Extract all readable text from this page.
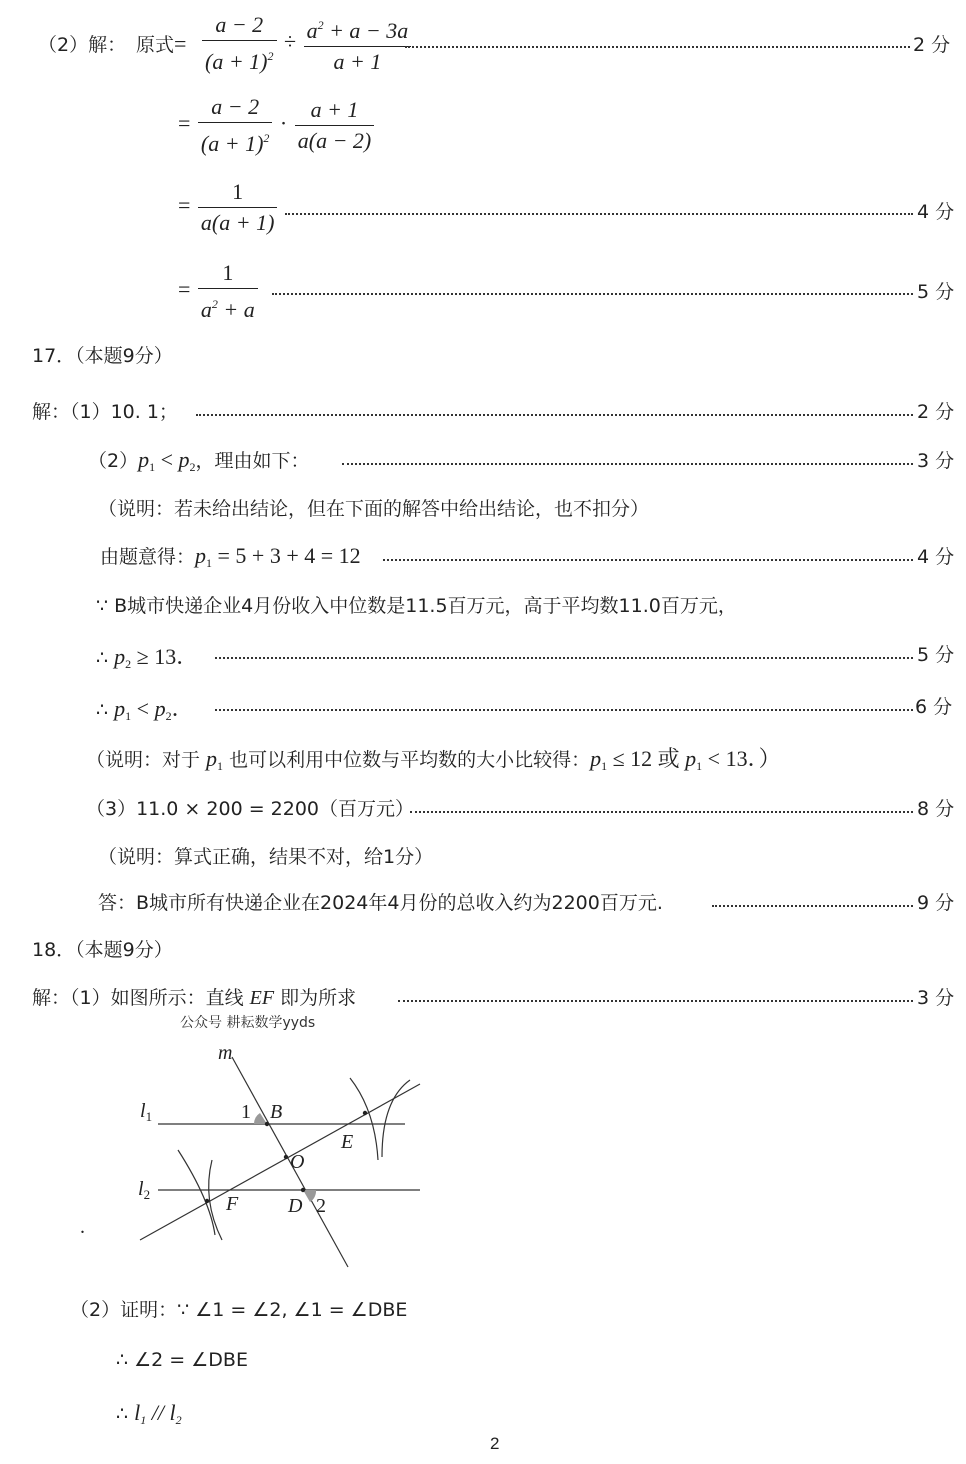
（2）解： 原式= $\frac{a - 2}{(a + 1)^2} \div \frac{a^2 + a - 3a}{a + 1}$	2 分
= $\frac{a - 2}{(a + 1)^2} \cdot \frac{a + 1}{a(a - 2)}$
= $\frac{1}{a(a + 1)}$	4 分
= $\frac{1}{a^2 + a}$	5 分
17．（本题9分）
解：（1）10. 1；	2 分
$(2)p_1 < p_2$，理由如下：	3 分
（说明：若未给出结论，但在下面的解答中给出结论，也不扣分）
由题意得：$p_1 = 5 + 3 + 4 = 12$	4 分
∵ B城市快递企业4月份收入中位数是11.5百万元，高于平均数11.0百万元，
∴ $p_2 \ge 13$．	5 分
∴ $p_1 < p_2$．	6 分
（说明：对于 $p_1$ 也可以利用中位数与平均数的大小比较得：$p_1 \le 12$ 或 $p_1 < 13$．）
（3）11.0 × 200 = 2200（百万元）	8 分
（说明：算式正确，结果不对，给1分）
答：B城市所有快递企业在2024年4月份的总收入约为2200百万元.	9 分
18．（本题9分）
解：（1）如图所示：直线 EF 即为所求	3 分
公众号 耕耘数学yyds
m
$l_1$
$l_2$
1 B
E
O
F D 2
.
（2）证明：∵ ∠1 = ∠2, ∠1 = ∠DBE
∴ ∠2 = ∠DBE
∴ $l_1 // l_2$
2
